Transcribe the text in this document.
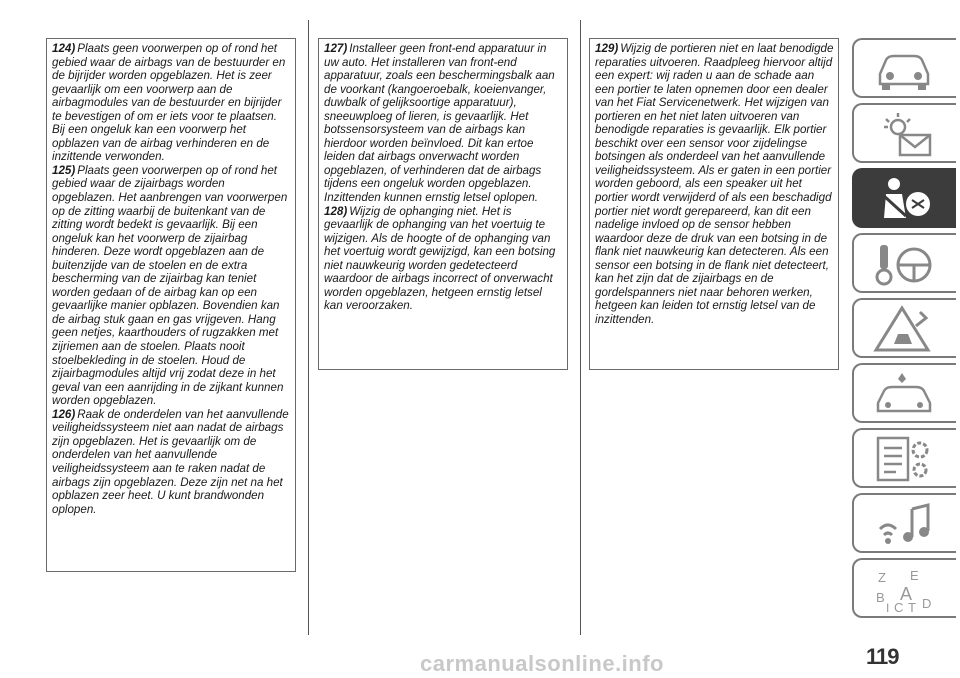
124) Plaats geen voorwerpen op of rond het gebied waar de airbags van de bestuurder en de bijrijder worden opgeblazen. Het is zeer gevaarlijk om een voorwerp aan de airbagmodules van de bestuurder en bijrijder te bevestigen of om er iets voor te plaatsen. Bij een ongeluk kan een voorwerp het opblazen van de airbag verhinderen en de inzittende verwonden.

125) Plaats geen voorwerpen op of rond het gebied waar de zijairbags worden opgeblazen. Het aanbrengen van voorwerpen op de zitting waarbij de buitenkant van de zitting wordt bedekt is gevaarlijk. Bij een ongeluk kan het voorwerp de zijairbag hinderen. Deze wordt opgeblazen aan de buitenzijde van de stoelen en de extra bescherming van de zijairbag kan teniet worden gedaan of de airbag kan op een gevaarlijke manier opblazen. Bovendien kan de airbag stuk gaan en gas vrijgeven. Hang geen netjes, kaarthouders of rugzakken met zijriemen aan de stoelen. Plaats nooit stoelbekleding in de stoelen. Houd de zijairbagmodules altijd vrij zodat deze in het geval van een aanrijding in de zijkant kunnen worden opgeblazen.

126) Raak de onderdelen van het aanvullende veiligheidssysteem niet aan nadat de airbags zijn opgeblazen. Het is gevaarlijk om de onderdelen van het aanvullende veiligheidssysteem aan te raken nadat de airbags zijn opgeblazen. Deze zijn net na het opblazen zeer heet. U kunt brandwonden oplopen.

127) Installeer geen front-end apparatuur in uw auto. Het installeren van front-end apparatuur, zoals een beschermingsbalk aan de voorkant (kangoeroebalk, koeienvanger, duwbalk of gelijksoortige apparatuur), sneeuwploeg of lieren, is gevaarlijk. Het botssensorsysteem van de airbags kan hierdoor worden beïnvloed. Dit kan ertoe leiden dat airbags onverwacht worden opgeblazen, of verhinderen dat de airbags tijdens een ongeluk worden opgeblazen. Inzittenden kunnen ernstig letsel oplopen.

128) Wijzig de ophanging niet. Het is gevaarlijk de ophanging van het voertuig te wijzigen. Als de hoogte of de ophanging van het voertuig wordt gewijzigd, kan een botsing niet nauwkeurig worden gedetecteerd waardoor de airbags incorrect of onverwacht worden opgeblazen, hetgeen ernstig letsel kan veroorzaken.

129) Wijzig de portieren niet en laat benodigde reparaties uitvoeren. Raadpleeg hiervoor altijd een expert: wij raden u aan de schade aan een portier te laten opnemen door een dealer van het Fiat Servicenetwerk. Het wijzigen van portieren en het niet laten uitvoeren van benodigde reparaties is gevaarlijk. Elk portier beschikt over een sensor voor zijdelingse botsingen als onderdeel van het aanvullende veiligheidssysteem. Als er gaten in een portier worden geboord, als een speaker uit het portier wordt verwijderd of als een beschadigd portier niet wordt gerepareerd, kan dit een nadelige invloed op de sensor hebben waardoor deze de druk van een botsing in de flank niet nauwkeurig kan detecteren. Als een sensor een botsing in de flank niet detecteert, kan het zijn dat de zijairbags en de gordelspanners niet naar behoren werken, hetgeen kan leiden tot ernstig letsel van de inzittenden.

Z E
B A
I C T D
carmanualsonline.info	119
